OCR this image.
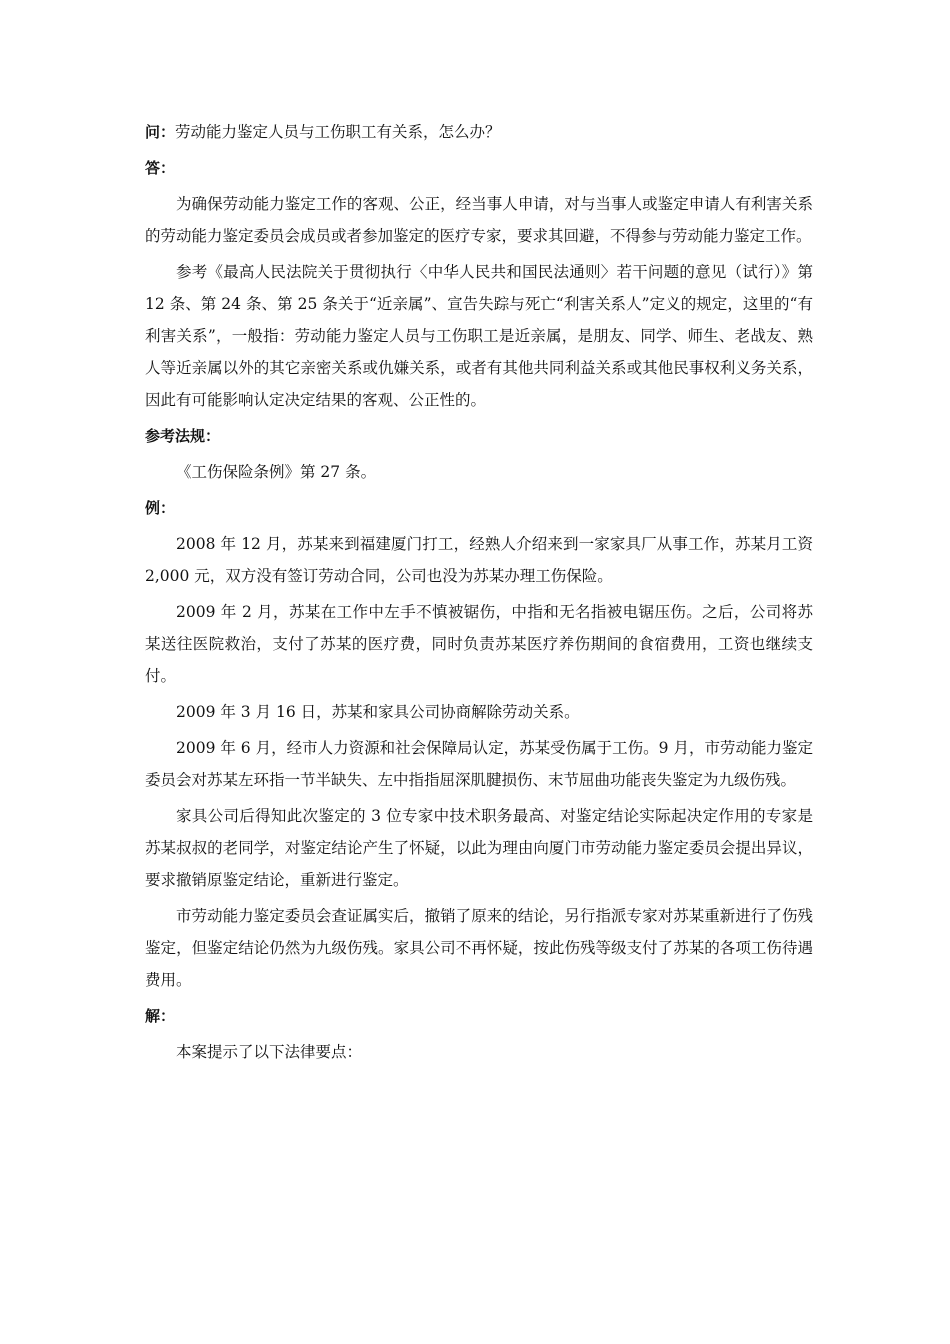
问：劳动能力鉴定人员与工伤职工有关系，怎么办？
答：

为确保劳动能力鉴定工作的客观、公正，经当事人申请，对与当事人或鉴定申请人有利害关系的劳动能力鉴定委员会成员或者参加鉴定的医疗专家，要求其回避，不得参与劳动能力鉴定工作。

参考《最高人民法院关于贯彻执行〈中华人民共和国民法通则〉若干问题的意见（试行）》第 12 条、第 24 条、第 25 条关于“近亲属”、宣告失踪与死亡“利害关系人”定义的规定，这里的“有利害关系”，一般指：劳动能力鉴定人员与工伤职工是近亲属，是朋友、同学、师生、老战友、熟人等近亲属以外的其它亲密关系或仇嫌关系，或者有其他共同利益关系或其他民事权利义务关系，因此有可能影响认定决定结果的客观、公正性的。

参考法规：

《工伤保险条例》第 27 条。

例：

2008 年 12 月，苏某来到福建厦门打工，经熟人介绍来到一家家具厂从事工作，苏某月工资 2,000 元，双方没有签订劳动合同，公司也没为苏某办理工伤保险。

2009 年 2 月，苏某在工作中左手不慎被锯伤，中指和无名指被电锯压伤。之后，公司将苏某送往医院救治，支付了苏某的医疗费，同时负责苏某医疗养伤期间的食宿费用，工资也继续支付。

2009 年 3 月 16 日，苏某和家具公司协商解除劳动关系。

2009 年 6 月，经市人力资源和社会保障局认定，苏某受伤属于工伤。9 月，市劳动能力鉴定委员会对苏某左环指一节半缺失、左中指指屈深肌腱损伤、末节屈曲功能丧失鉴定为九级伤残。

家具公司后得知此次鉴定的 3 位专家中技术职务最高、对鉴定结论实际起决定作用的专家是苏某叔叔的老同学，对鉴定结论产生了怀疑，以此为理由向厦门市劳动能力鉴定委员会提出异议，要求撤销原鉴定结论，重新进行鉴定。

市劳动能力鉴定委员会查证属实后，撤销了原来的结论，另行指派专家对苏某重新进行了伤残鉴定，但鉴定结论仍然为九级伤残。家具公司不再怀疑，按此伤残等级支付了苏某的各项工伤待遇费用。

解：

本案提示了以下法律要点：
